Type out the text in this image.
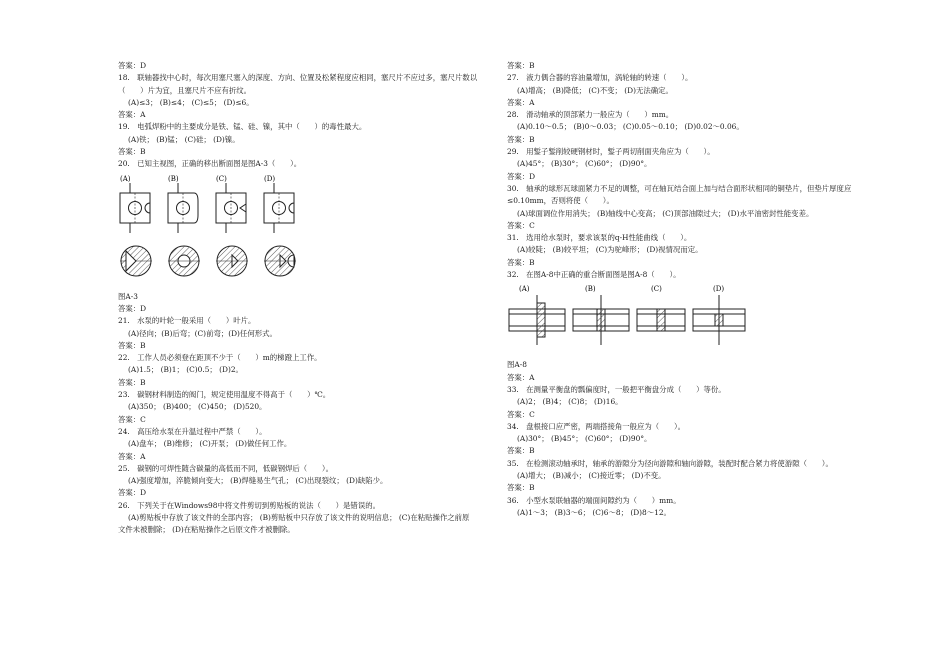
答案：D
18.　联轴器找中心时，每次用塞尺塞入的深度、方向、位置及松紧程度应相同，塞尺片不应过多，塞尺片数以（　　）片为宜，且塞尺片不应有折纹。
(A)≤3； (B)≤4； (C)≤5； (D)≤6。
答案：A
19.　电弧焊粉中的主要成分是铁、锰、硅、镍，其中（　　）的毒性最大。
(A)铁； (B)锰； (C)硅； (D)镍。
答案：B
20.　已知主视图，正确的移出断面图是图A-3（　　）。
(A)	(B)	(C)	(D)
图A-3
答案：D
21.　水泵的叶轮一般采用（　　）叶片。
(A)径向；(B)后弯；(C)前弯；(D)任何形式。
答案：B
22.　工作人员必须登在距顶不少于（　　）m的梯蹬上工作。
(A)1.5； (B)1； (C)0.5； (D)2。
答案：B
23.　碳钢材料制造的阀门，规定使用温度不得高于（　　）℃。
(A)350； (B)400； (C)450； (D)520。
答案：C
24.　高压给水泵在升温过程中严禁（　　）。
(A)盘车； (B)维修； (C)开泵； (D)做任何工作。
答案：A
25.　碳钢的可焊性随含碳量的高低而不同，低碳钢焊后（　　）。
(A)强度增加，淬脆倾向变大； (B)焊缝易生气孔； (C)出现裂纹； (D)缺陷少。
答案：D
26.　下列关于在Windows98中将文件剪切到剪贴板的说法（　　）是错误的。
(A)剪贴板中存放了该文件的全部内容； (B)剪贴板中只存放了该文件的说明信息； (C)在粘贴操作之前原
文件未被删除； (D)在粘贴操作之后原文件才被删除。
答案：B
27.　液力偶合器的容油量增加，涡轮轴的转速（　　）。
(A)增高； (B)降低； (C)不变； (D)无法确定。
答案：A
28.　滑动轴承的顶部紧力一般应为（　　）mm。
(A)0.10～0.5； (B)0～0.03； (C)0.05～0.10； (D)0.02～0.06。
答案：B
29.　用錾子錾削较硬钢材时，錾子两切削面夹角应为（　　）。
(A)45°； (B)30°； (C)60°； (D)90°。
答案：D
30.　轴承的球形瓦球面紧力不足的调整，可在轴瓦结合面上加与结合面形状相同的铜垫片，但垫片厚度应≤0.10mm，否则将使（　　）。
(A)球面调位作用消失； (B)轴线中心变高； (C)顶部油隙过大； (D)水平油密封性能变差。
答案：C
31.　选用给水泵时，要求该泵的q-H性能曲线（　　）。
(A)较陡； (B)较平坦； (C)为驼峰形； (D)视情况而定。
答案：B
32.　在图A-8中正确的重合断面图是图A-8（　　）。
(A)	(B)	(C)	(D)
图A-8
答案：A
33.　在测量平衡盘的瓢偏度时，一般把平衡盘分成（　　）等份。
(A)2； (B)4； (C)8； (D)16。
答案：C
34.　盘根接口应严密，两端搭接角一般应为（　　）。
(A)30°； (B)45°； (C)60°； (D)90°。
答案：B
35.　在检测滚动轴承时，轴承的游隙分为径向游隙和轴向游隙，装配时配合紧力将使游隙（　　）。
(A)增大； (B)减小； (C)接近零； (D)不变。
答案：B
36.　小型水泵联轴器的端面间隙约为（　　）mm。
(A)1～3； (B)3～6； (C)6～8； (D)8～12。
